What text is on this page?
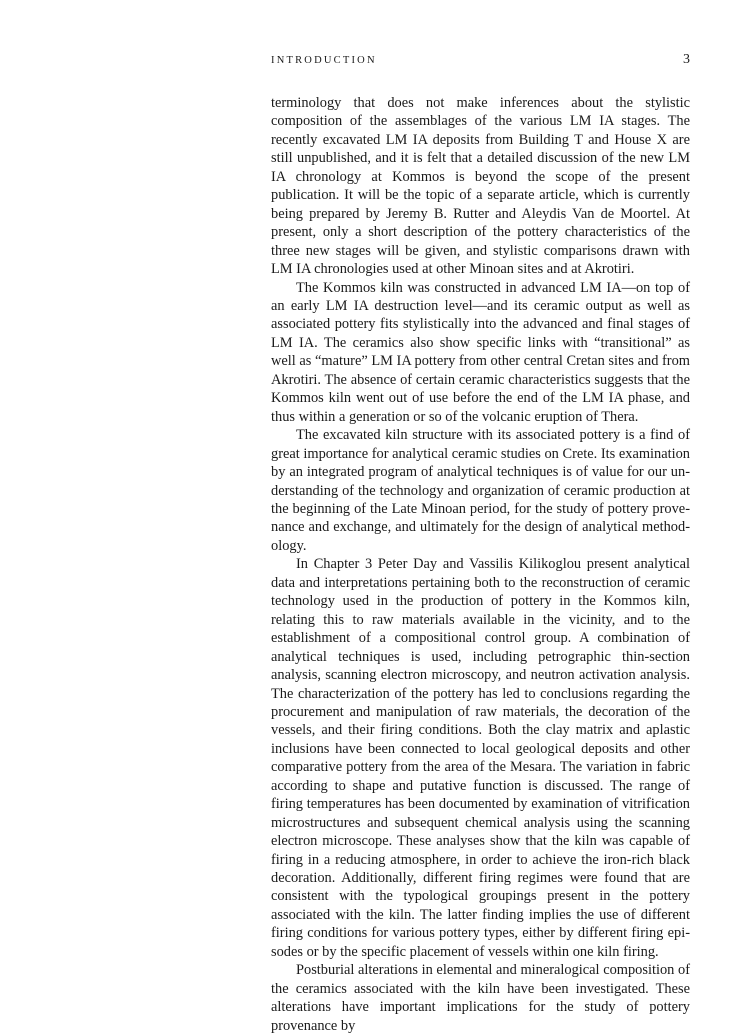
INTRODUCTION	3

terminology that does not make inferences about the stylistic composition of the assemblages of the various LM IA stages. The recently excavated LM IA deposits from Building T and House X are still unpublished, and it is felt that a detailed discussion of the new LM IA chronology at Kommos is beyond the scope of the present publication. It will be the topic of a separate article, which is currently being prepared by Jeremy B. Rutter and Aleydis Van de Moortel. At present, only a short description of the pottery characteristics of the three new stages will be given, and stylistic comparisons drawn with LM IA chronologies used at other Minoan sites and at Akrotiri.

The Kommos kiln was constructed in advanced LM IA—on top of an early LM IA destruction level—and its ceramic output as well as associated pottery fits stylistically into the advanced and final stages of LM IA. The ceramics also show specific links with “transitional” as well as “mature” LM IA pottery from other central Cretan sites and from Akrotiri. The absence of certain ceramic characteristics suggests that the Kommos kiln went out of use before the end of the LM IA phase, and thus within a generation or so of the volcanic eruption of Thera.

The excavated kiln structure with its associated pottery is a find of great importance for analytical ceramic studies on Crete. Its examination by an integrated program of analytical techniques is of value for our understanding of the technology and organization of ceramic production at the beginning of the Late Minoan period, for the study of pottery provenance and exchange, and ultimately for the design of analytical methodology.

In Chapter 3 Peter Day and Vassilis Kilikoglou present analytical data and interpretations pertaining both to the reconstruction of ceramic technology used in the production of pottery in the Kommos kiln, relating this to raw materials available in the vicinity, and to the establishment of a compositional control group. A combination of analytical techniques is used, including petrographic thin-section analysis, scanning electron microscopy, and neutron activation analysis. The characterization of the pottery has led to conclusions regarding the procurement and manipulation of raw materials, the decoration of the vessels, and their firing conditions. Both the clay matrix and aplastic inclusions have been connected to local geological deposits and other comparative pottery from the area of the Mesara. The variation in fabric according to shape and putative function is discussed. The range of firing temperatures has been documented by examination of vitrification microstructures and subsequent chemical analysis using the scanning electron microscope. These analyses show that the kiln was capable of firing in a reducing atmosphere, in order to achieve the iron-rich black decoration. Additionally, different firing regimes were found that are consistent with the typological groupings present in the pottery associated with the kiln. The latter finding implies the use of different firing conditions for various pottery types, either by different firing episodes or by the specific placement of vessels within one kiln firing.

Postburial alterations in elemental and mineralogical composition of the ceramics associated with the kiln have been investigated. These alterations have important implications for the study of pottery provenance by
